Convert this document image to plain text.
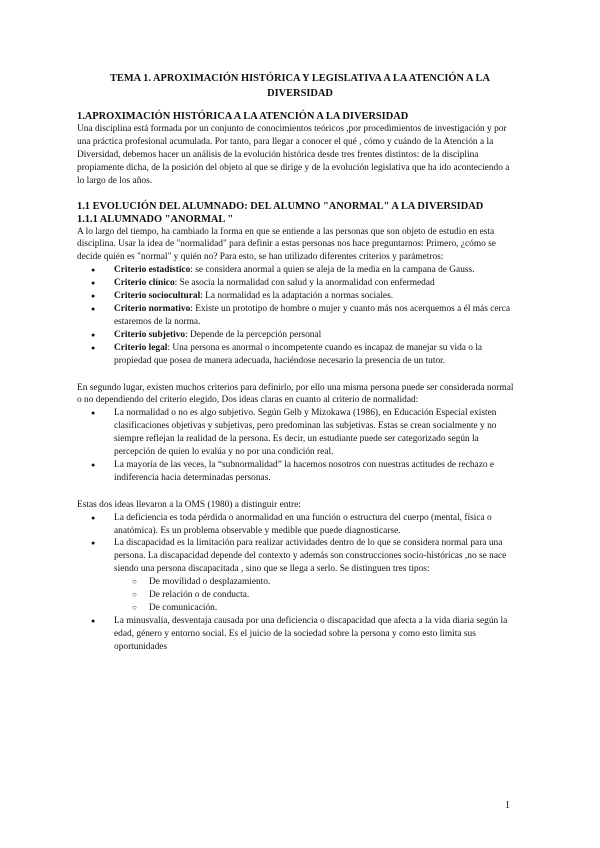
TEMA 1. APROXIMACIÓN HISTÓRICA Y LEGISLATIVA A LA ATENCIÓN A LA DIVERSIDAD

1.APROXIMACIÓN HISTÓRICA A LA ATENCIÓN A LA DIVERSIDAD

Una disciplina está formada por un conjunto de conocimientos teóricos ,por procedimientos de investigación y por una práctica profesional acumulada. Por tanto, para llegar a conocer el qué , cómo y cuándo de la Atención a la Diversidad, debemos hacer un análisis de la evolución histórica desde tres frentes distintos: de la disciplina propiamente dicha, de la posición del objeto al que se dirige y de la evolución legislativa que ha ido aconteciendo a lo largo de los años.

1.1 EVOLUCIÓN DEL ALUMNADO: DEL ALUMNO "ANORMAL" A LA DIVERSIDAD

1.1.1 ALUMNADO "ANORMAL "

A lo largo del tiempo, ha cambiado la forma en que se entiende a las personas que son objeto de estudio en esta disciplina. Usar la idea de "normalidad" para definir a estas personas nos hace preguntarnos: Primero, ¿cómo se decide quién es "normal" y quién no? Para esto, se han utilizado diferentes criterios y parámetros:

● Criterio estadístico: se considera anormal a quien se aleja de la media en la campana de Gauss.
● Criterio clínico: Se asocia la normalidad con salud y la anormalidad con enfermedad
● Criterio sociocultural: La normalidad es la adaptación a normas sociales.
● Criterio normativo: Existe un prototipo de hombre o mujer y cuanto más nos acerquemos a él más cerca estaremos de la norma.
● Criterio subjetivo: Depende de la percepción personal
● Criterio legal: Una persona es anormal o incompetente cuando es incapaz de manejar su vida o la propiedad que posea de manera adecuada, haciéndose necesario la presencia de un tutor.

En segundo lugar, existen muchos criterios para definirlo, por ello una misma persona puede ser considerada normal o no dependiendo del criterio elegido, Dos ideas claras en cuanto al criterio de normalidad:

● La normalidad o no es algo subjetivo. Según Gelb y Mizokawa (1986), en Educación Especial existen clasificaciones objetivas y subjetivas, pero predominan las subjetivas. Estas se crean socialmente y no siempre reflejan la realidad de la persona. Es decir, un estudiante puede ser categorizado según la percepción de quien lo evalúa y no por una condición real.
● La mayoría de las veces, la “subnormalidad” la hacemos nosotros con nuestras actitudes de rechazo e indiferencia hacia determinadas personas.

Estas dos ideas llevaron a la OMS (1980) a distinguir entre:

● La deficiencia es toda pérdida o anormalidad en una función o estructura del cuerpo (mental, física o anatómica). Es un problema observable y medible que puede diagnosticarse.
● La discapacidad es la limitación para realizar actividades dentro de lo que se considera normal para una persona. La discapacidad depende del contexto y además son construcciones socio-históricas ,no se nace siendo una persona discapacitada , sino que se llega a serlo. Se distinguen tres tipos:
○ De movilidad o desplazamiento.
○ De relación o de conducta.
○ De comunicación.
● La minusvalía, desventaja causada por una deficiencia o discapacidad que afecta a la vida diaria según la edad, género y entorno social. Es el juicio de la sociedad sobre la persona y como esto limita sus oportunidades
1
